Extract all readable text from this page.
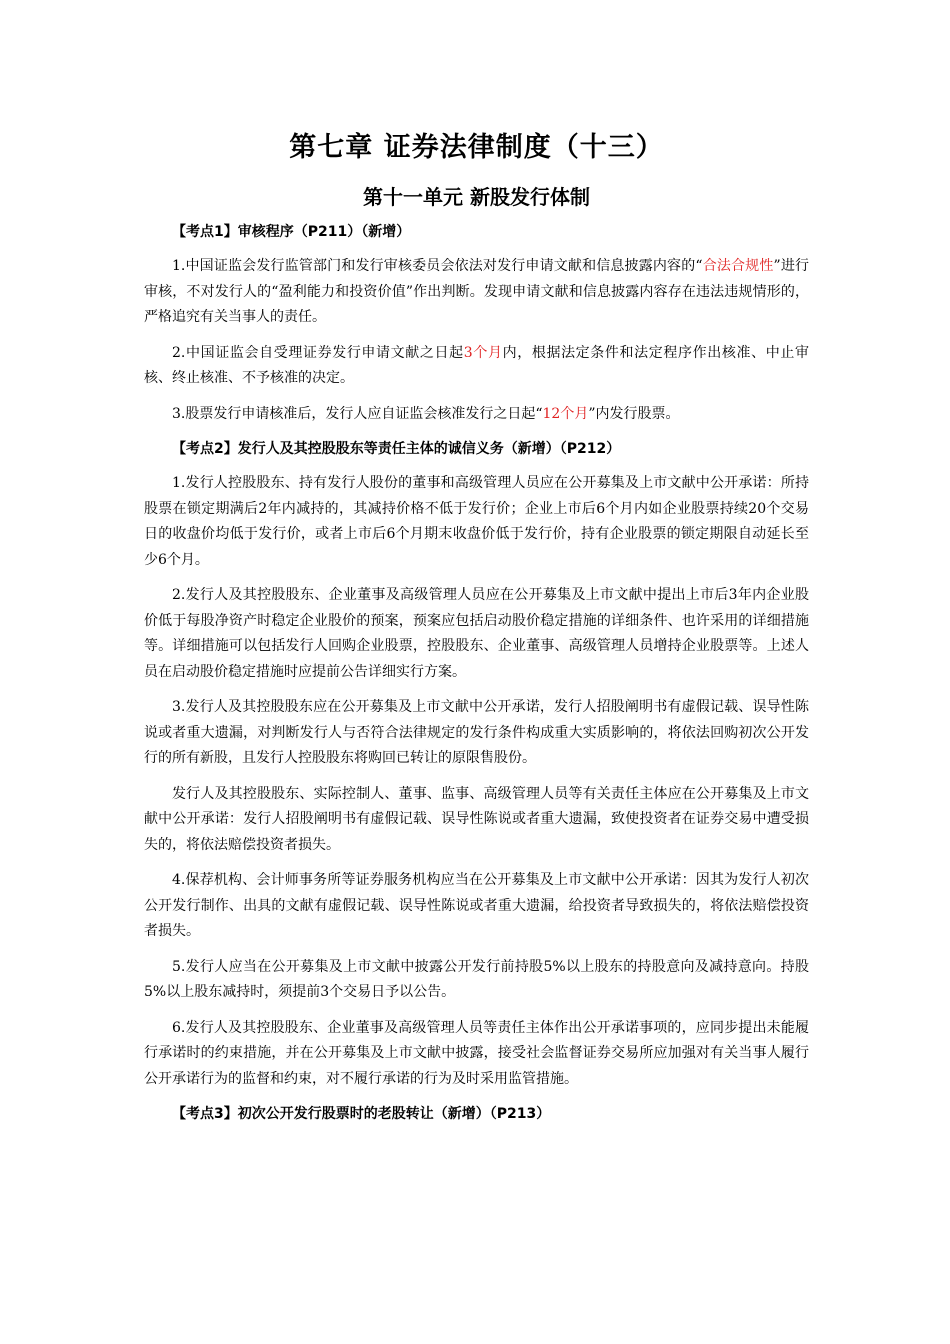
第七章 证券法律制度（十三）
第十一单元 新股发行体制
【考点1】审核程序（P211）（新增）

1.中国证监会发行监管部门和发行审核委员会依法对发行申请文献和信息披露内容的“合法合规性”进行审核，不对发行人的“盈利能力和投资价值”作出判断。发现申请文献和信息披露内容存在违法违规情形的，严格追究有关当事人的责任。

2.中国证监会自受理证券发行申请文献之日起3个月内，根据法定条件和法定程序作出核准、中止审核、终止核准、不予核准的决定。

3.股票发行申请核准后，发行人应自证监会核准发行之日起“12个月”内发行股票。

【考点2】发行人及其控股股东等责任主体的诚信义务（新增）（P212）

1.发行人控股股东、持有发行人股份的董事和高级管理人员应在公开募集及上市文献中公开承诺：所持股票在锁定期满后2年内减持的，其减持价格不低于发行价；企业上市后6个月内如企业股票持续20个交易日的收盘价均低于发行价，或者上市后6个月期末收盘价低于发行价，持有企业股票的锁定期限自动延长至少6个月。

2.发行人及其控股股东、企业董事及高级管理人员应在公开募集及上市文献中提出上市后3年内企业股价低于每股净资产时稳定企业股价的预案，预案应包括启动股价稳定措施的详细条件、也许采用的详细措施等。详细措施可以包括发行人回购企业股票，控股股东、企业董事、高级管理人员增持企业股票等。上述人员在启动股价稳定措施时应提前公告详细实行方案。

3.发行人及其控股股东应在公开募集及上市文献中公开承诺，发行人招股阐明书有虚假记载、误导性陈说或者重大遗漏，对判断发行人与否符合法律规定的发行条件构成重大实质影响的，将依法回购初次公开发行的所有新股，且发行人控股股东将购回已转让的原限售股份。

发行人及其控股股东、实际控制人、董事、监事、高级管理人员等有关责任主体应在公开募集及上市文献中公开承诺：发行人招股阐明书有虚假记载、误导性陈说或者重大遗漏，致使投资者在证券交易中遭受损失的，将依法赔偿投资者损失。

4.保荐机构、会计师事务所等证券服务机构应当在公开募集及上市文献中公开承诺：因其为发行人初次公开发行制作、出具的文献有虚假记载、误导性陈说或者重大遗漏，给投资者导致损失的，将依法赔偿投资者损失。

5.发行人应当在公开募集及上市文献中披露公开发行前持股5%以上股东的持股意向及减持意向。持股5%以上股东减持时，须提前3个交易日予以公告。

6.发行人及其控股股东、企业董事及高级管理人员等责任主体作出公开承诺事项的，应同步提出未能履行承诺时的约束措施，并在公开募集及上市文献中披露，接受社会监督证券交易所应加强对有关当事人履行公开承诺行为的监督和约束，对不履行承诺的行为及时采用监管措施。

【考点3】初次公开发行股票时的老股转让（新增）（P213）
